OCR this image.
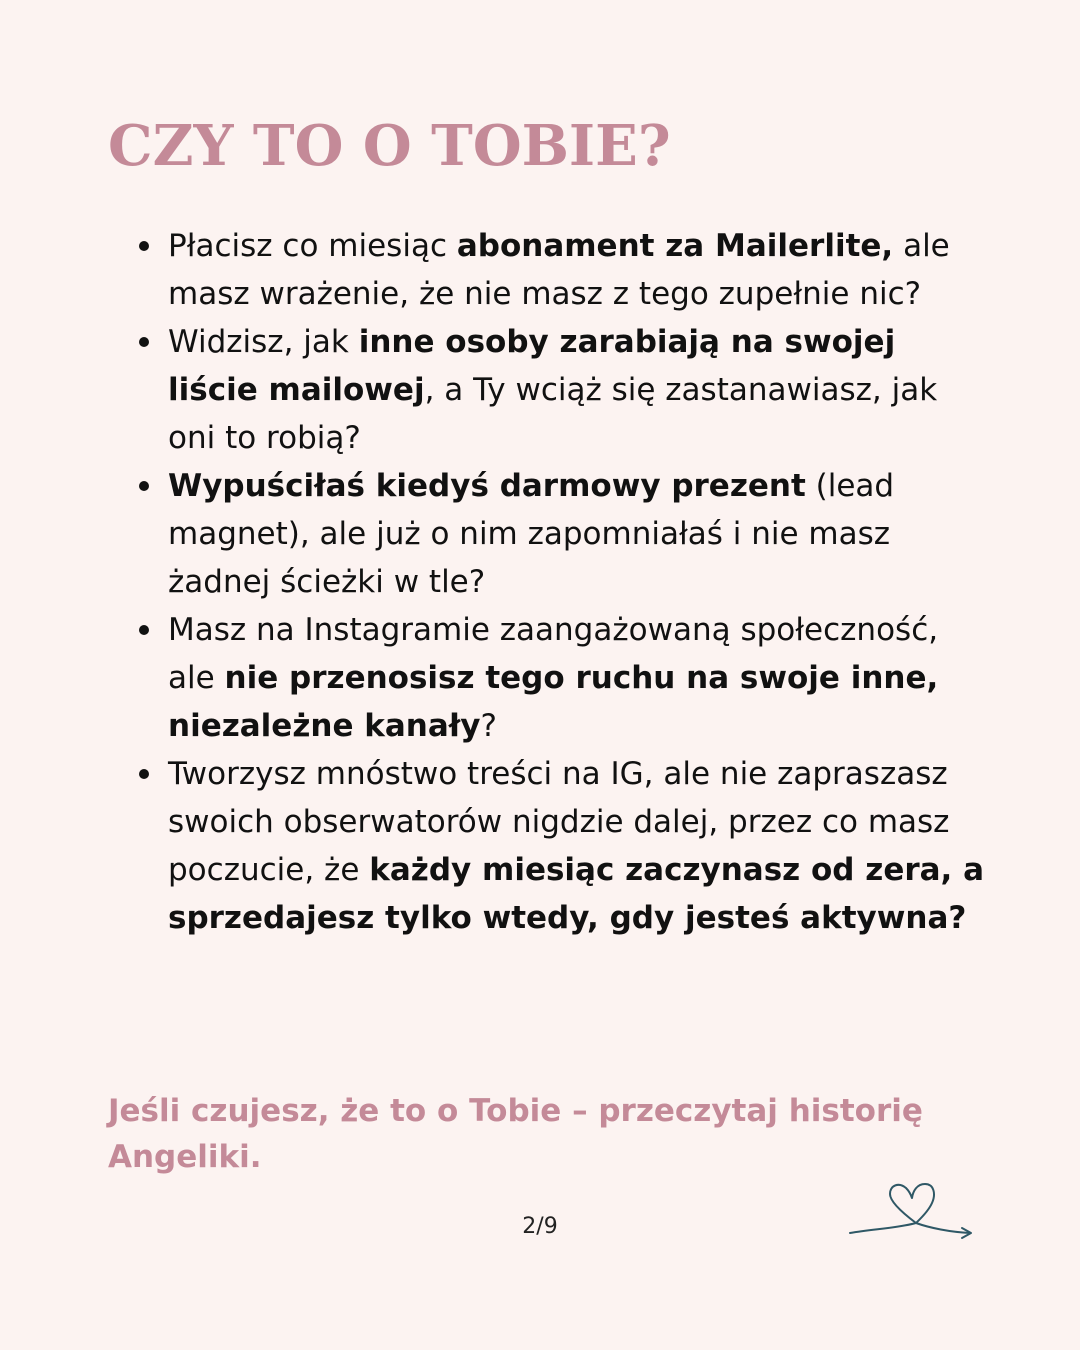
CZY TO O TOBIE?
Płacisz co miesiąc abonament za Mailerlite, ale masz wrażenie, że nie masz z tego zupełnie nic?
Widzisz, jak inne osoby zarabiają na swojej liście mailowej, a Ty wciąż się zastanawiasz, jak oni to robią?
Wypuściłaś kiedyś darmowy prezent (lead magnet), ale już o nim zapomniałaś i nie masz żadnej ścieżki w tle?
Masz na Instagramie zaangażowaną społeczność, ale nie przenosisz tego ruchu na swoje inne, niezależne kanały?
Tworzysz mnóstwo treści na IG, ale nie zapraszasz swoich obserwatorów nigdzie dalej, przez co masz poczucie, że każdy miesiąc zaczynasz od zera, a sprzedajesz tylko wtedy, gdy jesteś aktywna?

Jeśli czujesz, że to o Tobie – przeczytaj historię Angeliki.

2/9
